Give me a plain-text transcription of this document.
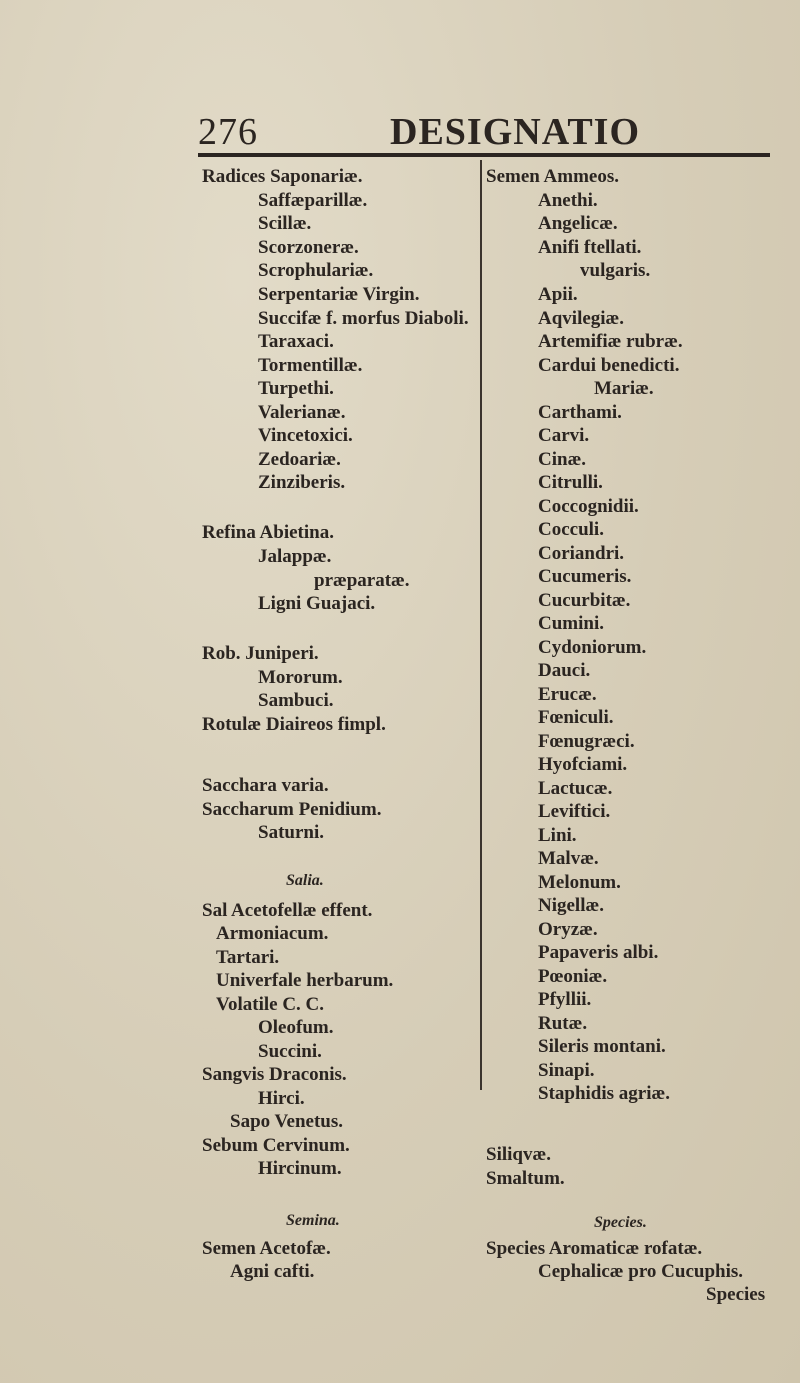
276	DESIGNATIO
Radices Saponariæ.
Saffæparillæ.
Scillæ.
Scorzoneræ.
Scrophulariæ.
Serpentariæ Virgin.
Succifæ f. morfus Diaboli.
Taraxaci.
Tormentillæ.
Turpethi.
Valerianæ.
Vincetoxici.
Zedoariæ.
Zinziberis.
Refina Abietina.
Jalappæ.
præparatæ.
Ligni Guajaci.
Rob. Juniperi.
Mororum.
Sambuci.
Rotulæ Diaireos fimpl.
Sacchara varia.
Saccharum Penidium.
Saturni.
Salia.
Sal Acetofellæ effent.
Armoniacum.
Tartari.
Univerfale herbarum.
Volatile C. C.
Oleofum.
Succini.
Sangvis Draconis.
Hirci.
Sapo Venetus.
Sebum Cervinum.
Hircinum.
Semina.
Semen Acetofæ.
Agni cafti.
Semen Ammeos.
Anethi.
Angelicæ.
Anifi ftellati.
vulgaris.
Apii.
Aqvilegiæ.
Artemifiæ rubræ.
Cardui benedicti.
Mariæ.
Carthami.
Carvi.
Cinæ.
Citrulli.
Coccognidii.
Cocculi.
Coriandri.
Cucumeris.
Cucurbitæ.
Cumini.
Cydoniorum.
Dauci.
Erucæ.
Fœniculi.
Fœnugræci.
Hyofciami.
Lactucæ.
Leviftici.
Lini.
Malvæ.
Melonum.
Nigellæ.
Oryzæ.
Papaveris albi.
Pœoniæ.
Pfyllii.
Rutæ.
Sileris montani.
Sinapi.
Staphidis agriæ.
Siliqvæ.
Smaltum.
Species.
Species Aromaticæ rofatæ.
Cephalicæ pro Cucuphis.
Species
